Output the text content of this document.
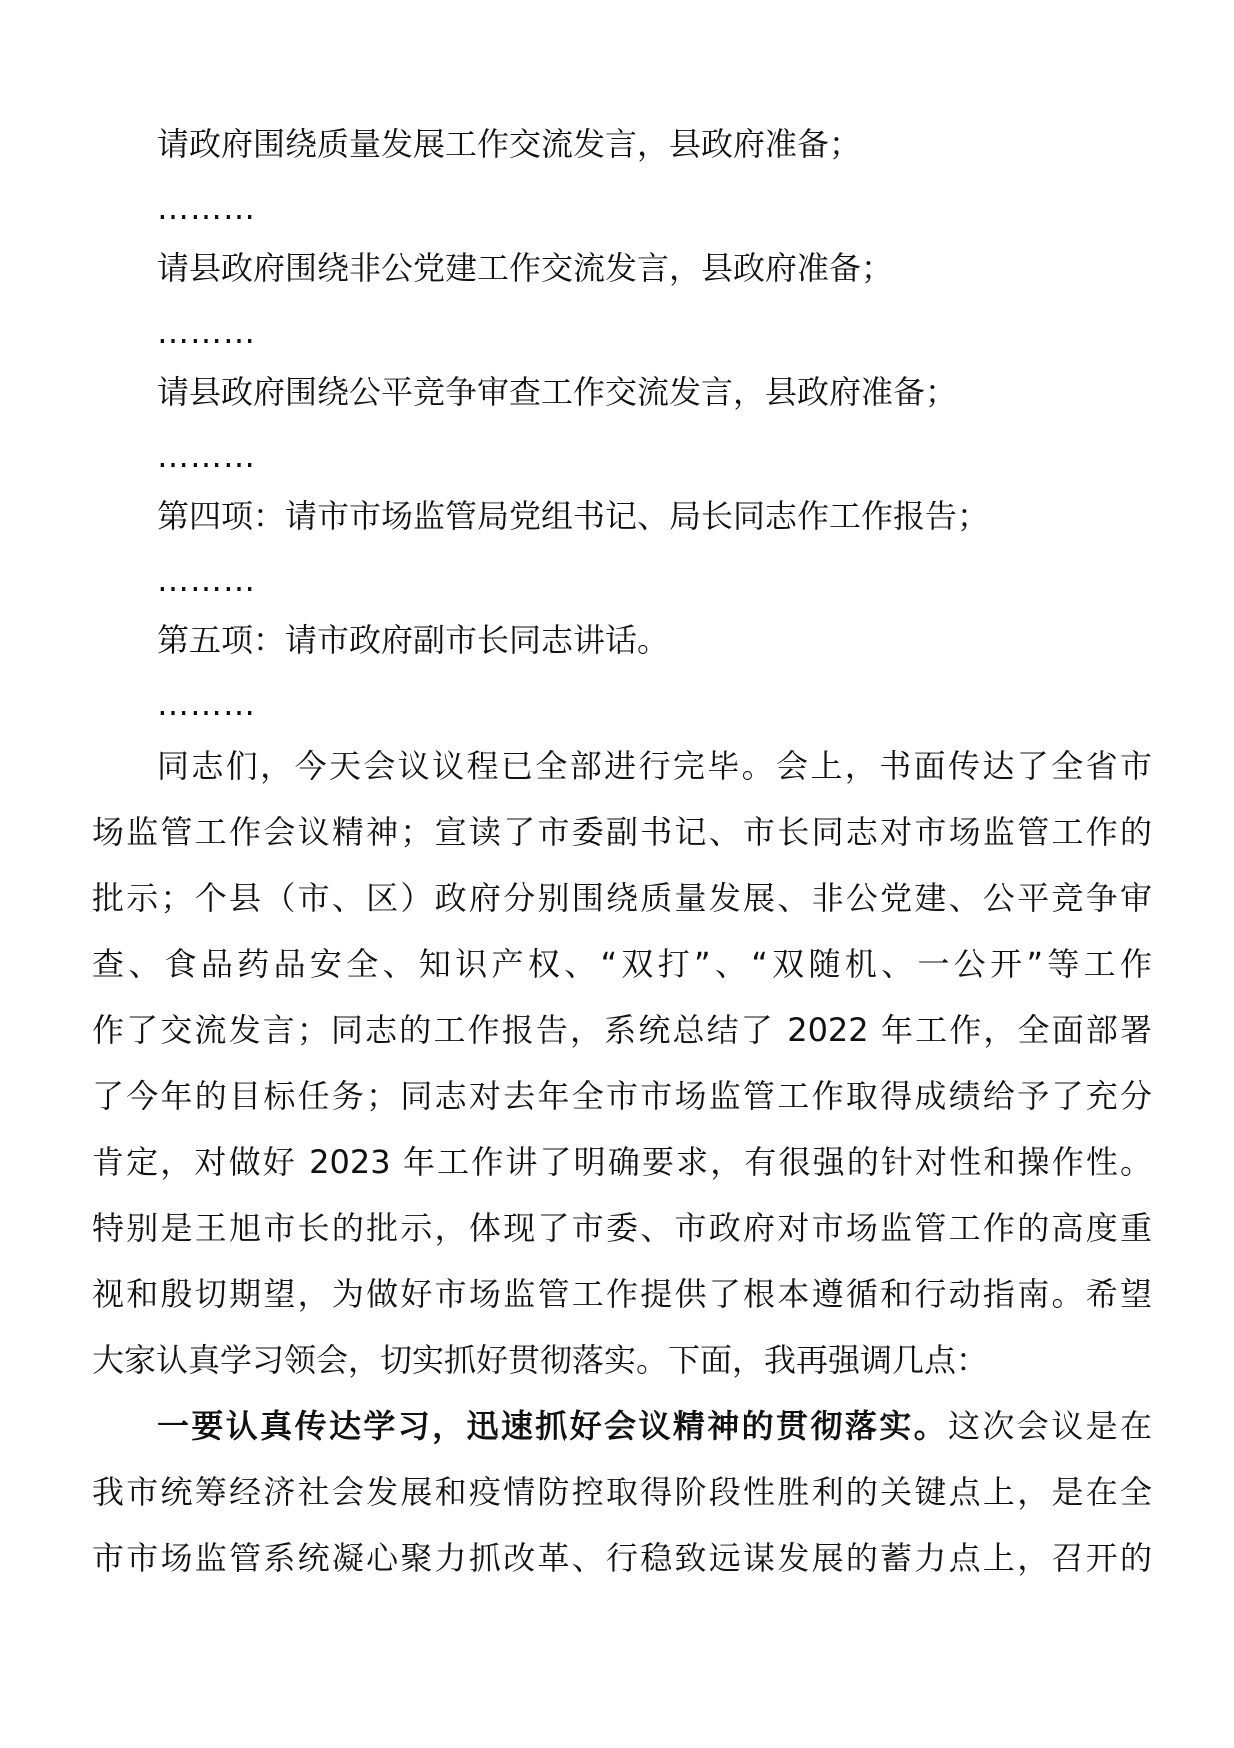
请政府围绕质量发展工作交流发言，县政府准备；
………
请县政府围绕非公党建工作交流发言，县政府准备；
………
请县政府围绕公平竞争审查工作交流发言，县政府准备；
………
第四项：请市市场监管局党组书记、局长同志作工作报告；
………
第五项：请市政府副市长同志讲话。
………
同志们，今天会议议程已全部进行完毕。会上，书面传达了全省市
场监管工作会议精神；宣读了市委副书记、市长同志对市场监管工作的
批示；个县（市、区）政府分别围绕质量发展、非公党建、公平竞争审
查、食品药品安全、知识产权、“双打”、“双随机、一公开”等工作
作了交流发言；同志的工作报告，系统总结了 2022 年工作，全面部署
了今年的目标任务；同志对去年全市市场监管工作取得成绩给予了充分
肯定，对做好 2023 年工作讲了明确要求，有很强的针对性和操作性。
特别是王旭市长的批示，体现了市委、市政府对市场监管工作的高度重
视和殷切期望，为做好市场监管工作提供了根本遵循和行动指南。希望
大家认真学习领会，切实抓好贯彻落实。下面，我再强调几点：
一要认真传达学习，迅速抓好会议精神的贯彻落实。这次会议是在
我市统筹经济社会发展和疫情防控取得阶段性胜利的关键点上，是在全
市市场监管系统凝心聚力抓改革、行稳致远谋发展的蓄力点上，召开的
